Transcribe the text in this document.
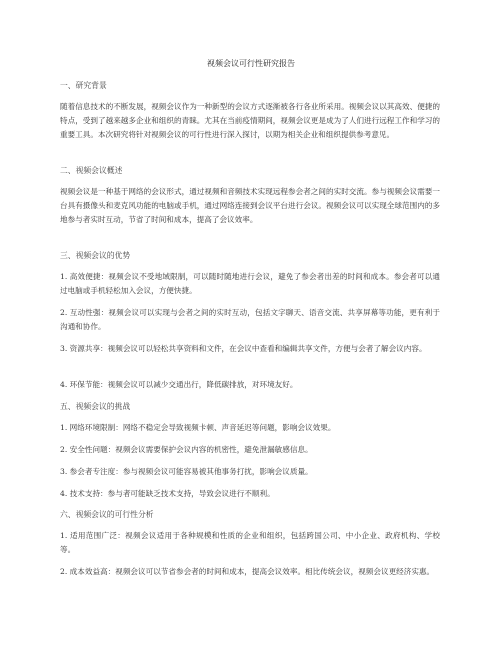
视频会议可行性研究报告
一、研究背景
随着信息技术的不断发展，视频会议作为一种新型的会议方式逐渐被各行各业所采用。视频会议以其高效、便捷的特点，受到了越来越多企业和组织的青睐。尤其在当前疫情期间，视频会议更是成为了人们进行远程工作和学习的重要工具。本次研究将针对视频会议的可行性进行深入探讨，以期为相关企业和组织提供参考意见。
二、视频会议概述
视频会议是一种基于网络的会议形式，通过视频和音频技术实现远程参会者之间的实时交流。参与视频会议需要一台具有摄像头和麦克风功能的电脑或手机，通过网络连接到会议平台进行会议。视频会议可以实现全球范围内的多地参与者实时互动，节省了时间和成本，提高了会议效率。
三、视频会议的优势
1. 高效便捷：视频会议不受地域限制，可以随时随地进行会议，避免了参会者出差的时间和成本。参会者可以通过电脑或手机轻松加入会议，方便快捷。
2. 互动性强：视频会议可以实现与会者之间的实时互动，包括文字聊天、语音交流、共享屏幕等功能，更有利于沟通和协作。
3. 资源共享：视频会议可以轻松共享资料和文件，在会议中查看和编辑共享文件，方便与会者了解会议内容。
4. 环保节能：视频会议可以减少交通出行，降低碳排放，对环境友好。
五、视频会议的挑战
1. 网络环境限制：网络不稳定会导致视频卡顿、声音延迟等问题，影响会议效果。
2. 安全性问题：视频会议需要保护会议内容的机密性，避免泄漏敏感信息。
3. 参会者专注度：参与视频会议可能容易被其他事务打扰，影响会议质量。
4. 技术支持：参与者可能缺乏技术支持，导致会议进行不顺利。
六、视频会议的可行性分析
1. 适用范围广泛：视频会议适用于各种规模和性质的企业和组织，包括跨国公司、中小企业、政府机构、学校等。
2. 成本效益高：视频会议可以节省参会者的时间和成本，提高会议效率。相比传统会议，视频会议更经济实惠。
